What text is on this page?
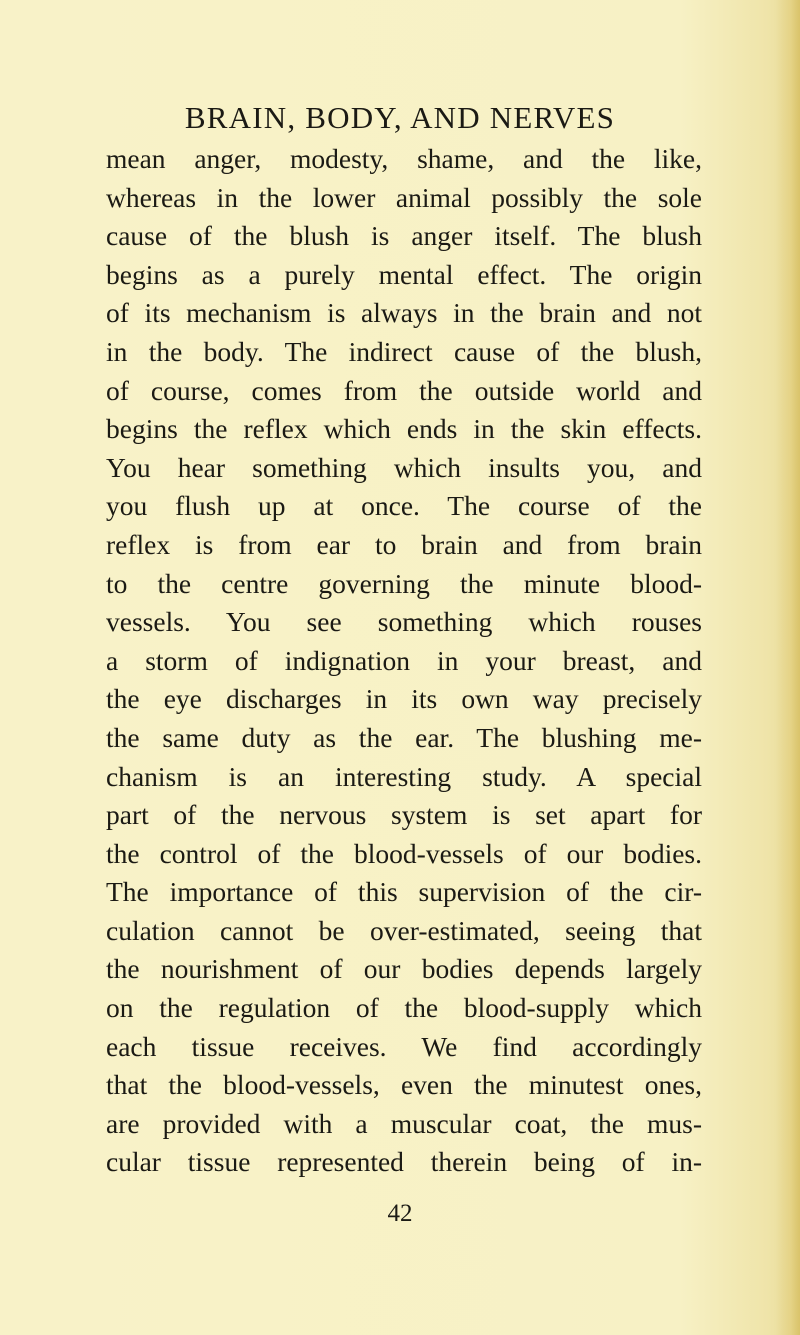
BRAIN, BODY, AND NERVES
mean anger, modesty, shame, and the like,
whereas in the lower animal possibly the sole
cause of the blush is anger itself. The blush
begins as a purely mental effect. The origin
of its mechanism is always in the brain and not
in the body. The indirect cause of the blush,
of course, comes from the outside world and
begins the reflex which ends in the skin effects.
You hear something which insults you, and
you flush up at once. The course of the
reflex is from ear to brain and from brain
to the centre governing the minute blood-
vessels. You see something which rouses
a storm of indignation in your breast, and
the eye discharges in its own way precisely
the same duty as the ear. The blushing me-
chanism is an interesting study. A special
part of the nervous system is set apart for
the control of the blood-vessels of our bodies.
The importance of this supervision of the cir-
culation cannot be over-estimated, seeing that
the nourishment of our bodies depends largely
on the regulation of the blood-supply which
each tissue receives. We find accordingly
that the blood-vessels, even the minutest ones,
are provided with a muscular coat, the mus-
cular tissue represented therein being of in-
42
